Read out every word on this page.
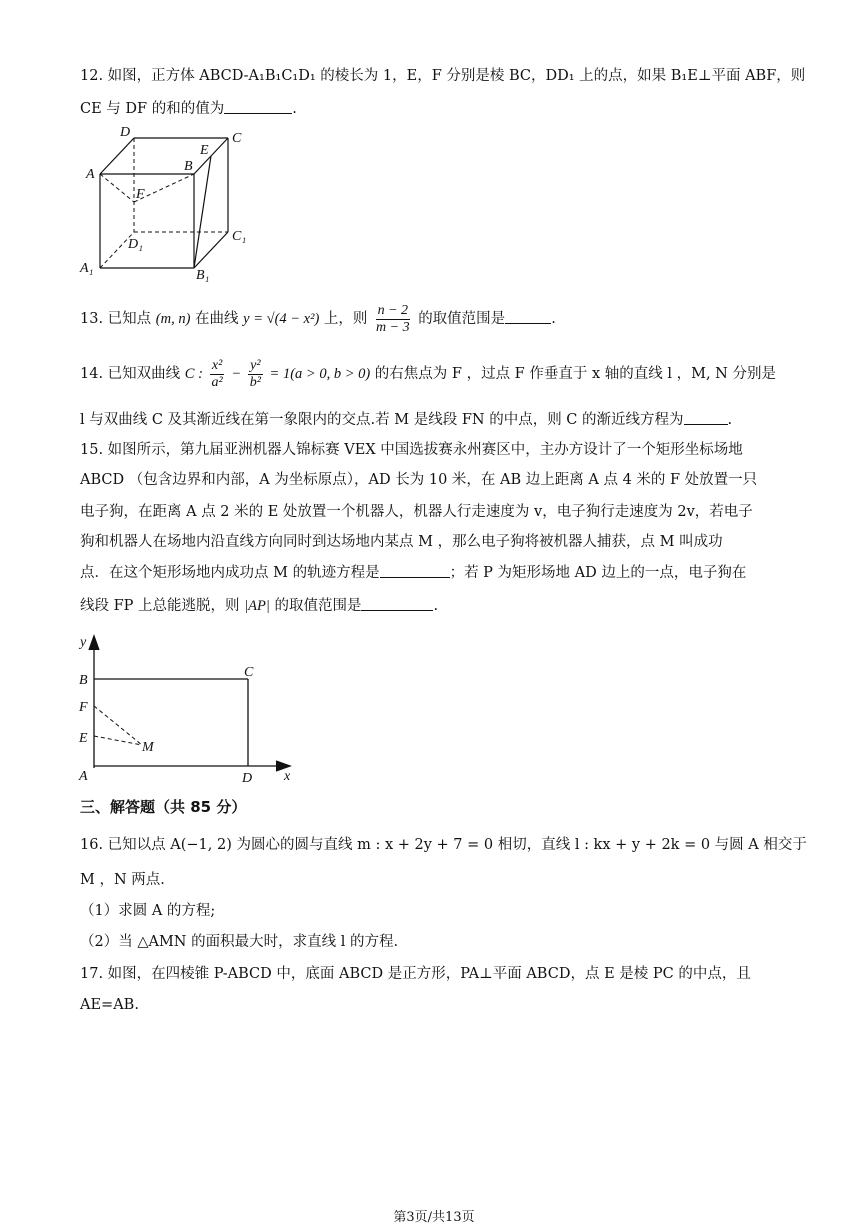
12. 如图，正方体 ABCD-A₁B₁C₁D₁ 的棱长为 1，E，F 分别是棱 BC，DD₁ 上的点，如果 B₁E⊥平面 ABF，则
CE 与 DF 的和的值为	.
D	C
E
A
B
F
D₁
C₁
A₁	B₁
13. 已知点 (m, n) 在曲线 y = √(4 − x²) 上，则 $\frac{n - 2}{m - 3}$ 的取值范围是	.
14. 已知双曲线 C : $\frac{\text{x²}}{\text{a²}} - \frac{\text{y²}}{\text{b²}} = 1(a > 0$, b > 0) 的右焦点为 F ，过点 F 作垂直于 x 轴的直线 l ，M, N 分别是
l 与双曲线 C 及其渐近线在第一象限内的交点.若 M 是线段 FN 的中点，则 C 的渐近线方程为	.
15. 如图所示，第九届亚洲机器人锦标赛 VEX 中国选拔赛永州赛区中，主办方设计了一个矩形坐标场地
ABCD （包含边界和内部，A 为坐标原点），AD 长为 10 米，在 AB 边上距离 A 点 4 米的 F 处放置一只
电子狗，在距离 A 点 2 米的 E 处放置一个机器人，机器人行走速度为 v，电子狗行走速度为 2v，若电子
狗和机器人在场地内沿直线方向同时到达场地内某点 M ，那么电子狗将被机器人捕获，点 M 叫成功
点．在这个矩形场地内成功点 M 的轨迹方程是	；若 P 为矩形场地 AD 边上的一点，电子狗在
线段 FP 上总能逃脱，则 |AP| 的取值范围是	.
y
B
C
F
E
M
A	D x
三、解答题（共 85 分）
16. 已知以点 A(−1, 2) 为圆心的圆与直线 m : x + 2y + 7 = 0 相切，直线 l : kx + y + 2k = 0 与圆 A 相交于
M ，N 两点.
（1）求圆 A 的方程;
（2）当 △AMN 的面积最大时，求直线 l 的方程.
17. 如图，在四棱锥 P-ABCD 中，底面 ABCD 是正方形，PA⊥平面 ABCD，点 E 是棱 PC 的中点，且
AE=AB.
第3页/共13页
